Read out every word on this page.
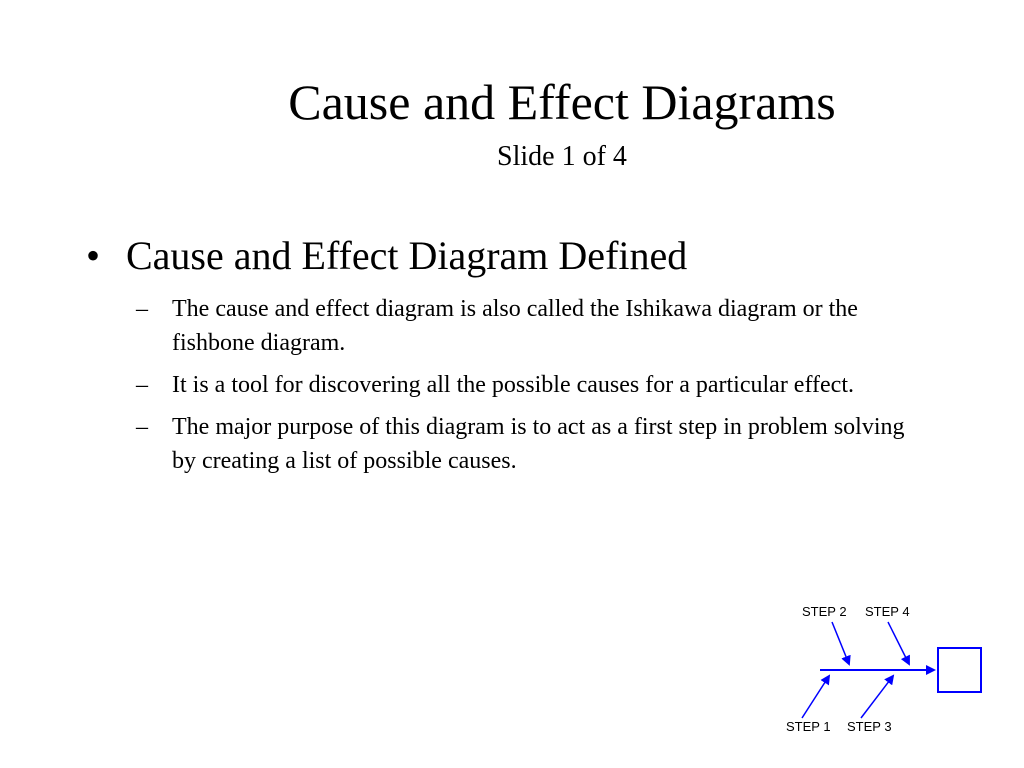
Cause and Effect Diagrams
Slide 1 of 4
• Cause and Effect Diagram Defined
– The cause and effect diagram is also called the Ishikawa diagram or the fishbone diagram.
– It is a tool for discovering all the possible causes for a particular effect.
– The major purpose of this diagram is to act as a first step in problem solving by creating a list of possible causes.
STEP 2 STEP 4
STEP 1 STEP 3
